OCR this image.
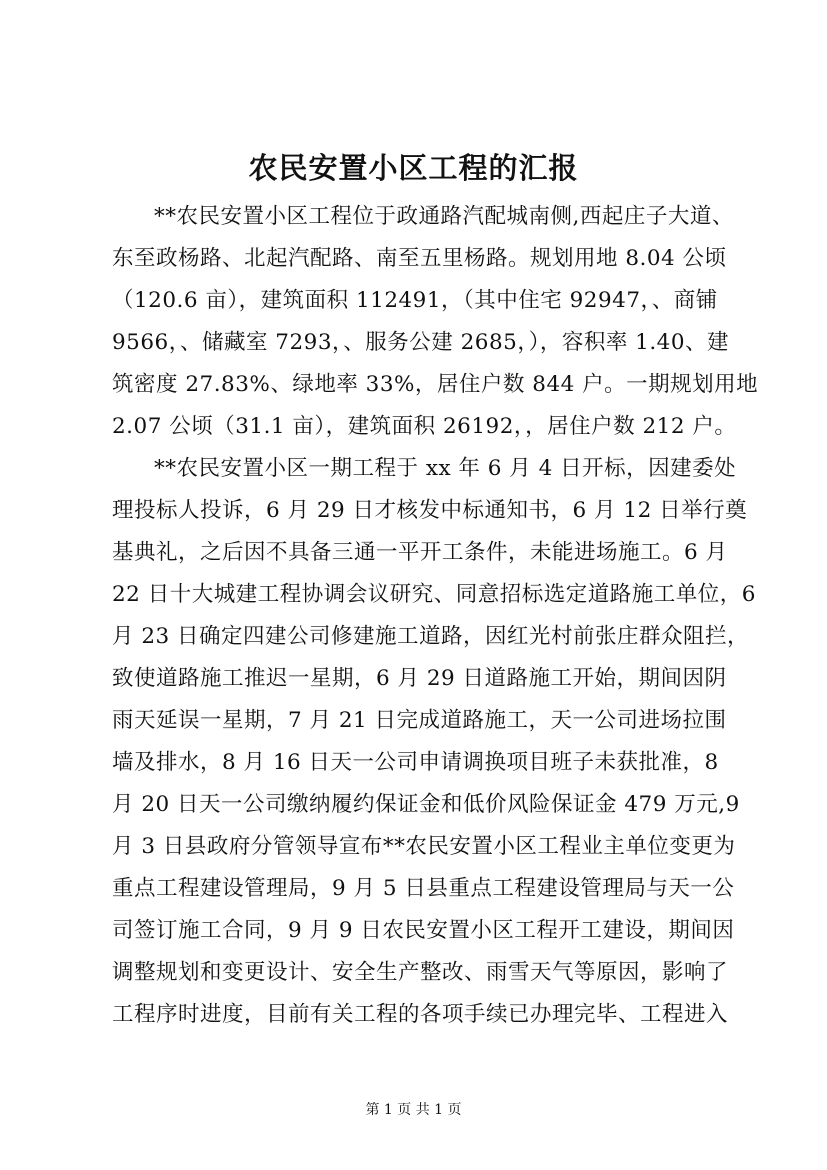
农民安置小区工程的汇报
**农民安置小区工程位于政通路汽配城南侧,西起庄子大道、
东至政杨路、北起汽配路、南至五里杨路。规划用地 8.04 公顷
（120.6 亩），建筑面积 112491，（其中住宅 92947，、商铺
9566，、储藏室 7293，、服务公建 2685，），容积率 1.40、建
筑密度 27.83%、绿地率 33%，居住户数 844 户。一期规划用地
2.07 公顷（31.1 亩），建筑面积 26192，，居住户数 212 户。
**农民安置小区一期工程于 xx 年 6 月 4 日开标，因建委处
理投标人投诉，6 月 29 日才核发中标通知书，6 月 12 日举行奠
基典礼，之后因不具备三通一平开工条件，未能进场施工。6 月
22 日十大城建工程协调会议研究、同意招标选定道路施工单位，6
月 23 日确定四建公司修建施工道路，因红光村前张庄群众阻拦，
致使道路施工推迟一星期，6 月 29 日道路施工开始，期间因阴
雨天延误一星期，7 月 21 日完成道路施工，天一公司进场拉围
墙及排水，8 月 16 日天一公司申请调换项目班子未获批准，8
月 20 日天一公司缴纳履约保证金和低价风险保证金 479 万元,9
月 3 日县政府分管领导宣布**农民安置小区工程业主单位变更为
重点工程建设管理局，9 月 5 日县重点工程建设管理局与天一公
司签订施工合同，9 月 9 日农民安置小区工程开工建设，期间因
调整规划和变更设计、安全生产整改、雨雪天气等原因，影响了
工程序时进度，目前有关工程的各项手续已办理完毕、工程进入
第 1 页 共 1 页
